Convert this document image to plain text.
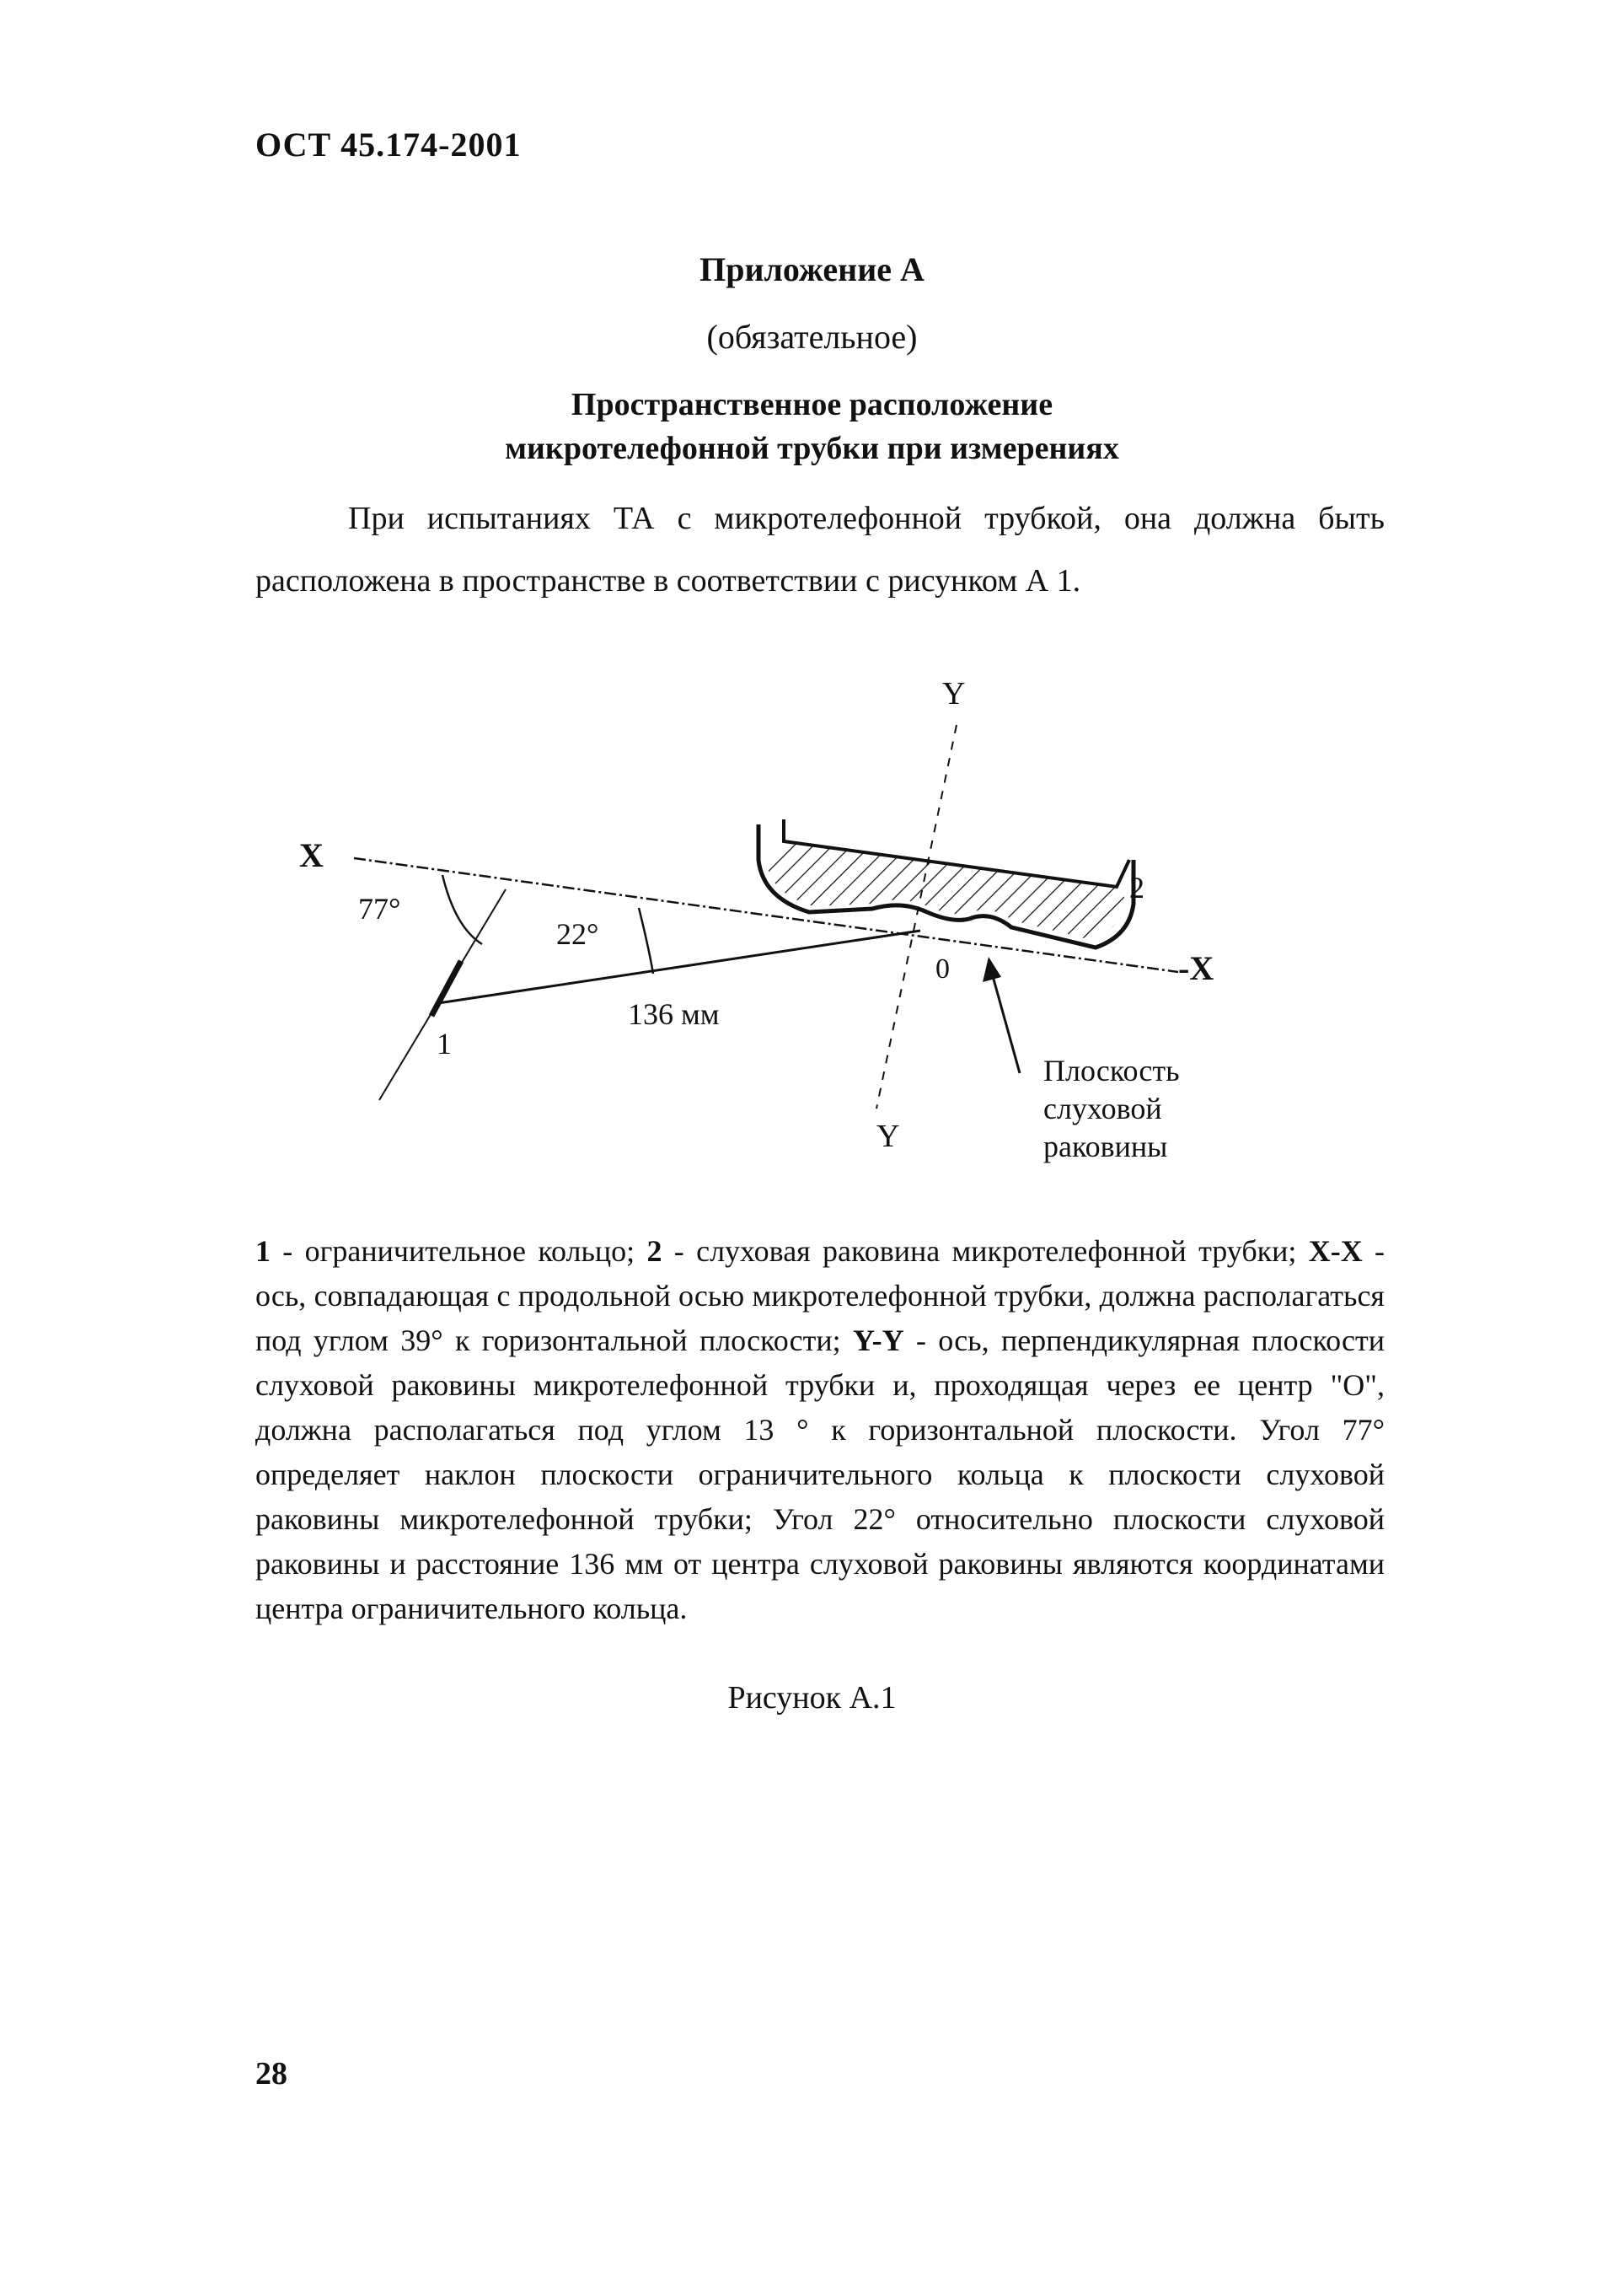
ОСТ 45.174-2001
Приложение А
(обязательное)
Пространственное расположение
микротелефонной трубки при измерениях
При испытаниях ТА с микротелефонной трубкой, она должна быть
расположена в пространстве в соответствии с рисунком А 1.
Y
Y
X
-X
77°
22°
136 мм
1
2
0
Плоскость
слуховой
раковины
1 - ограничительное кольцо; 2 - слуховая раковина микротелефонной трубки; Х-Х - ось, совпадающая с продольной осью микротелефонной трубки, должна располагаться под углом 39° к горизонтальной плоскости; Y-Y - ось, перпендикулярная плоскости слуховой раковины микротелефонной трубки и, проходящая через ее центр "О", должна располагаться под углом 13 ° к горизонтальной плоскости. Угол 77° определяет наклон плоскости ограничительного кольца к плоскости слуховой раковины микротелефонной трубки; Угол 22° относительно плоскости слуховой раковины и расстояние 136 мм от центра слуховой раковины являются координатами центра ограничительного кольца.
Рисунок А.1
28
